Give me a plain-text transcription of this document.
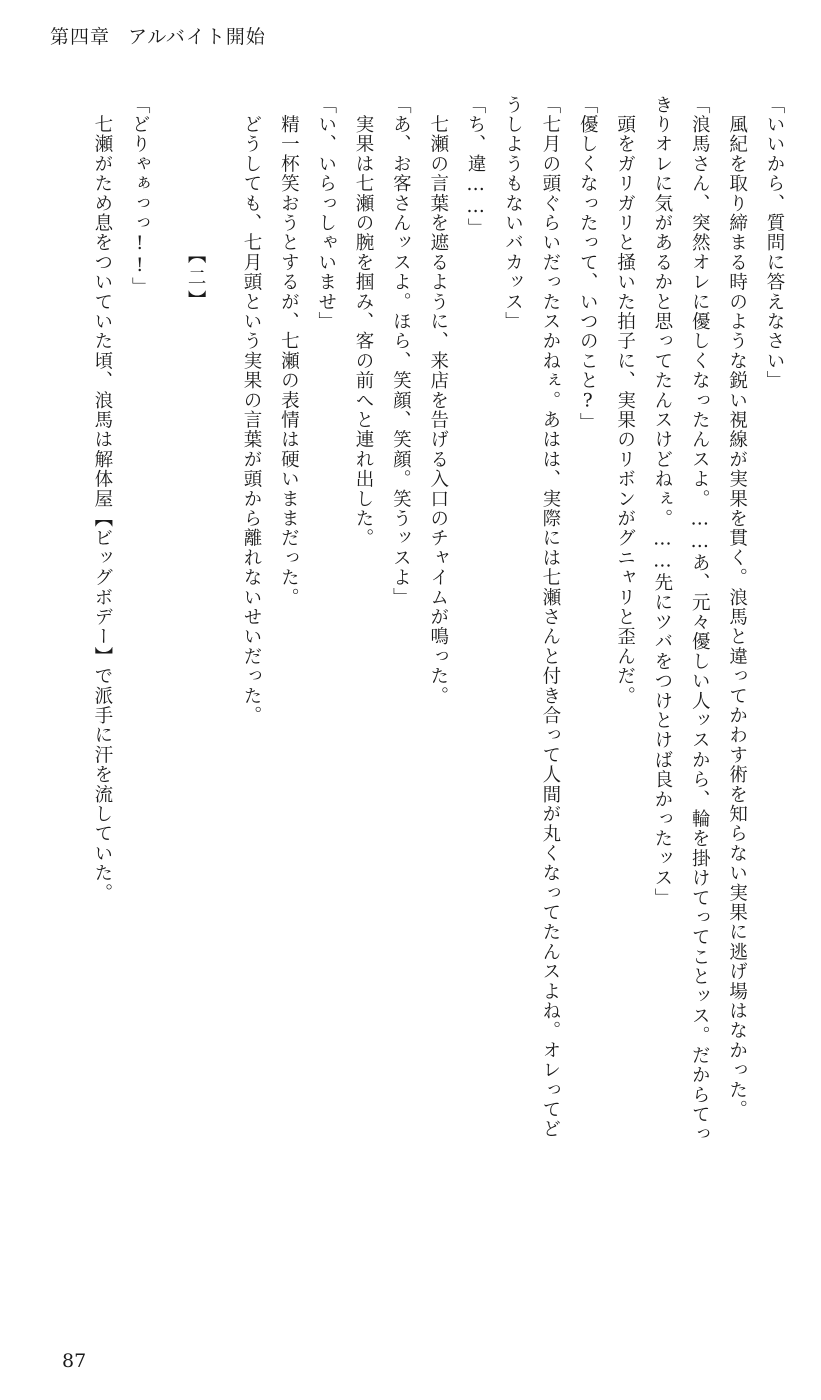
第四章 アルバイト開始
「いいから、質問に答えなさい」
　風紀を取り締まる時のような鋭い視線が実果を貫く。浪馬と違ってかわす術を知らない実果に逃げ場はなかった。
「浪馬さん、突然オレに優しくなったんスよ。……あ、元々優しい人ッスから、輪を掛けてってことッス。だからてっ
きりオレに気があるかと思ってたんスけどねぇ。……先にツバをつけとけば良かったッス」
　頭をガリガリと掻いた拍子に、実果のリボンがグニャリと歪んだ。
「優しくなったって、いつのこと?」
「七月の頭ぐらいだったスかねぇ。あはは、実際には七瀬さんと付き合って人間が丸くなってたんスよね。オレってど
うしようもないバカッス」
「ち、違……」
　七瀬の言葉を遮るように、来店を告げる入口のチャイムが鳴った。
「あ、お客さんッスよ。ほら、笑顔、笑顔。笑うッスよ」
　実果は七瀬の腕を掴み、客の前へと連れ出した。
「い、いらっしゃいませ」
　精一杯笑おうとするが、七瀬の表情は硬いままだった。
　どうしても、七月頭という実果の言葉が頭から離れないせいだった。
【二】
「どりゃぁっっ!!」
　七瀬がため息をついていた頃、浪馬は解体屋【ビッグボデー】で派手に汗を流していた。
87
